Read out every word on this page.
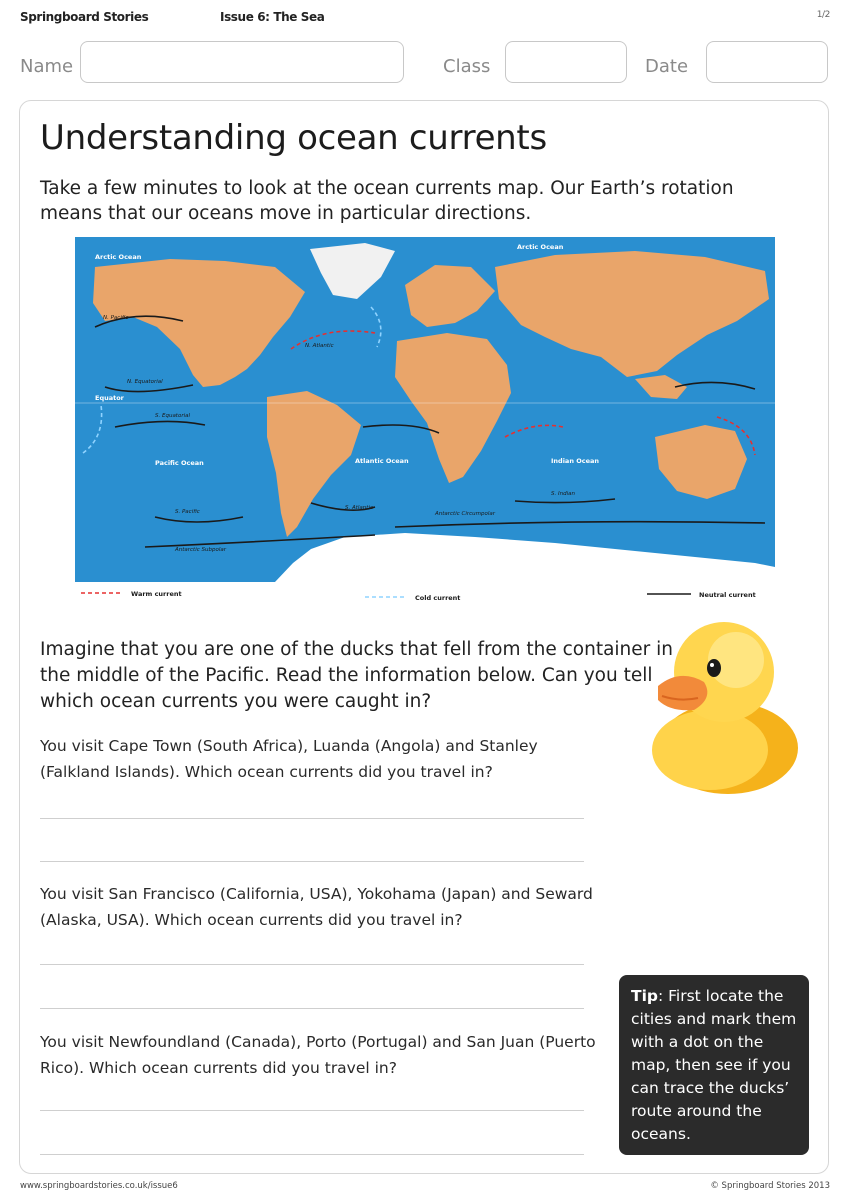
Springboard Stories	Issue 6: The Sea	1/2
Name	Class	Date
Understanding ocean currents
Take a few minutes to look at the ocean currents map. Our Earth’s rotation means that our oceans move in particular directions.
Arctic Ocean
Arctic Ocean
Pacific Ocean	Atlantic Ocean	Indian Ocean
Southern Ocean
Equator
N. Pacific
N. Equatorial
S. Equatorial
S. Pacific
Antarctic Subpolar
Antarctic Circumpolar
N. Atlantic
S. Atlantic
S. Indian
Warm current	Cold current	Neutral current
Imagine that you are one of the ducks that fell from the container in the middle of the Pacific. Read the information below. Can you tell which ocean currents you were caught in?
You visit Cape Town (South Africa), Luanda (Angola) and Stanley (Falkland Islands). Which ocean currents did you travel in?
You visit San Francisco (California, USA), Yokohama (Japan) and Seward (Alaska, USA). Which ocean currents did you travel in?
You visit Newfoundland (Canada), Porto (Portugal) and San Juan (Puerto Rico). Which ocean currents did you travel in?
Tip: First locate the cities and mark them with a dot on the map, then see if you can trace the ducks’ route around the oceans.
www.springboardstories.co.uk/issue6	© Springboard Stories 2013
